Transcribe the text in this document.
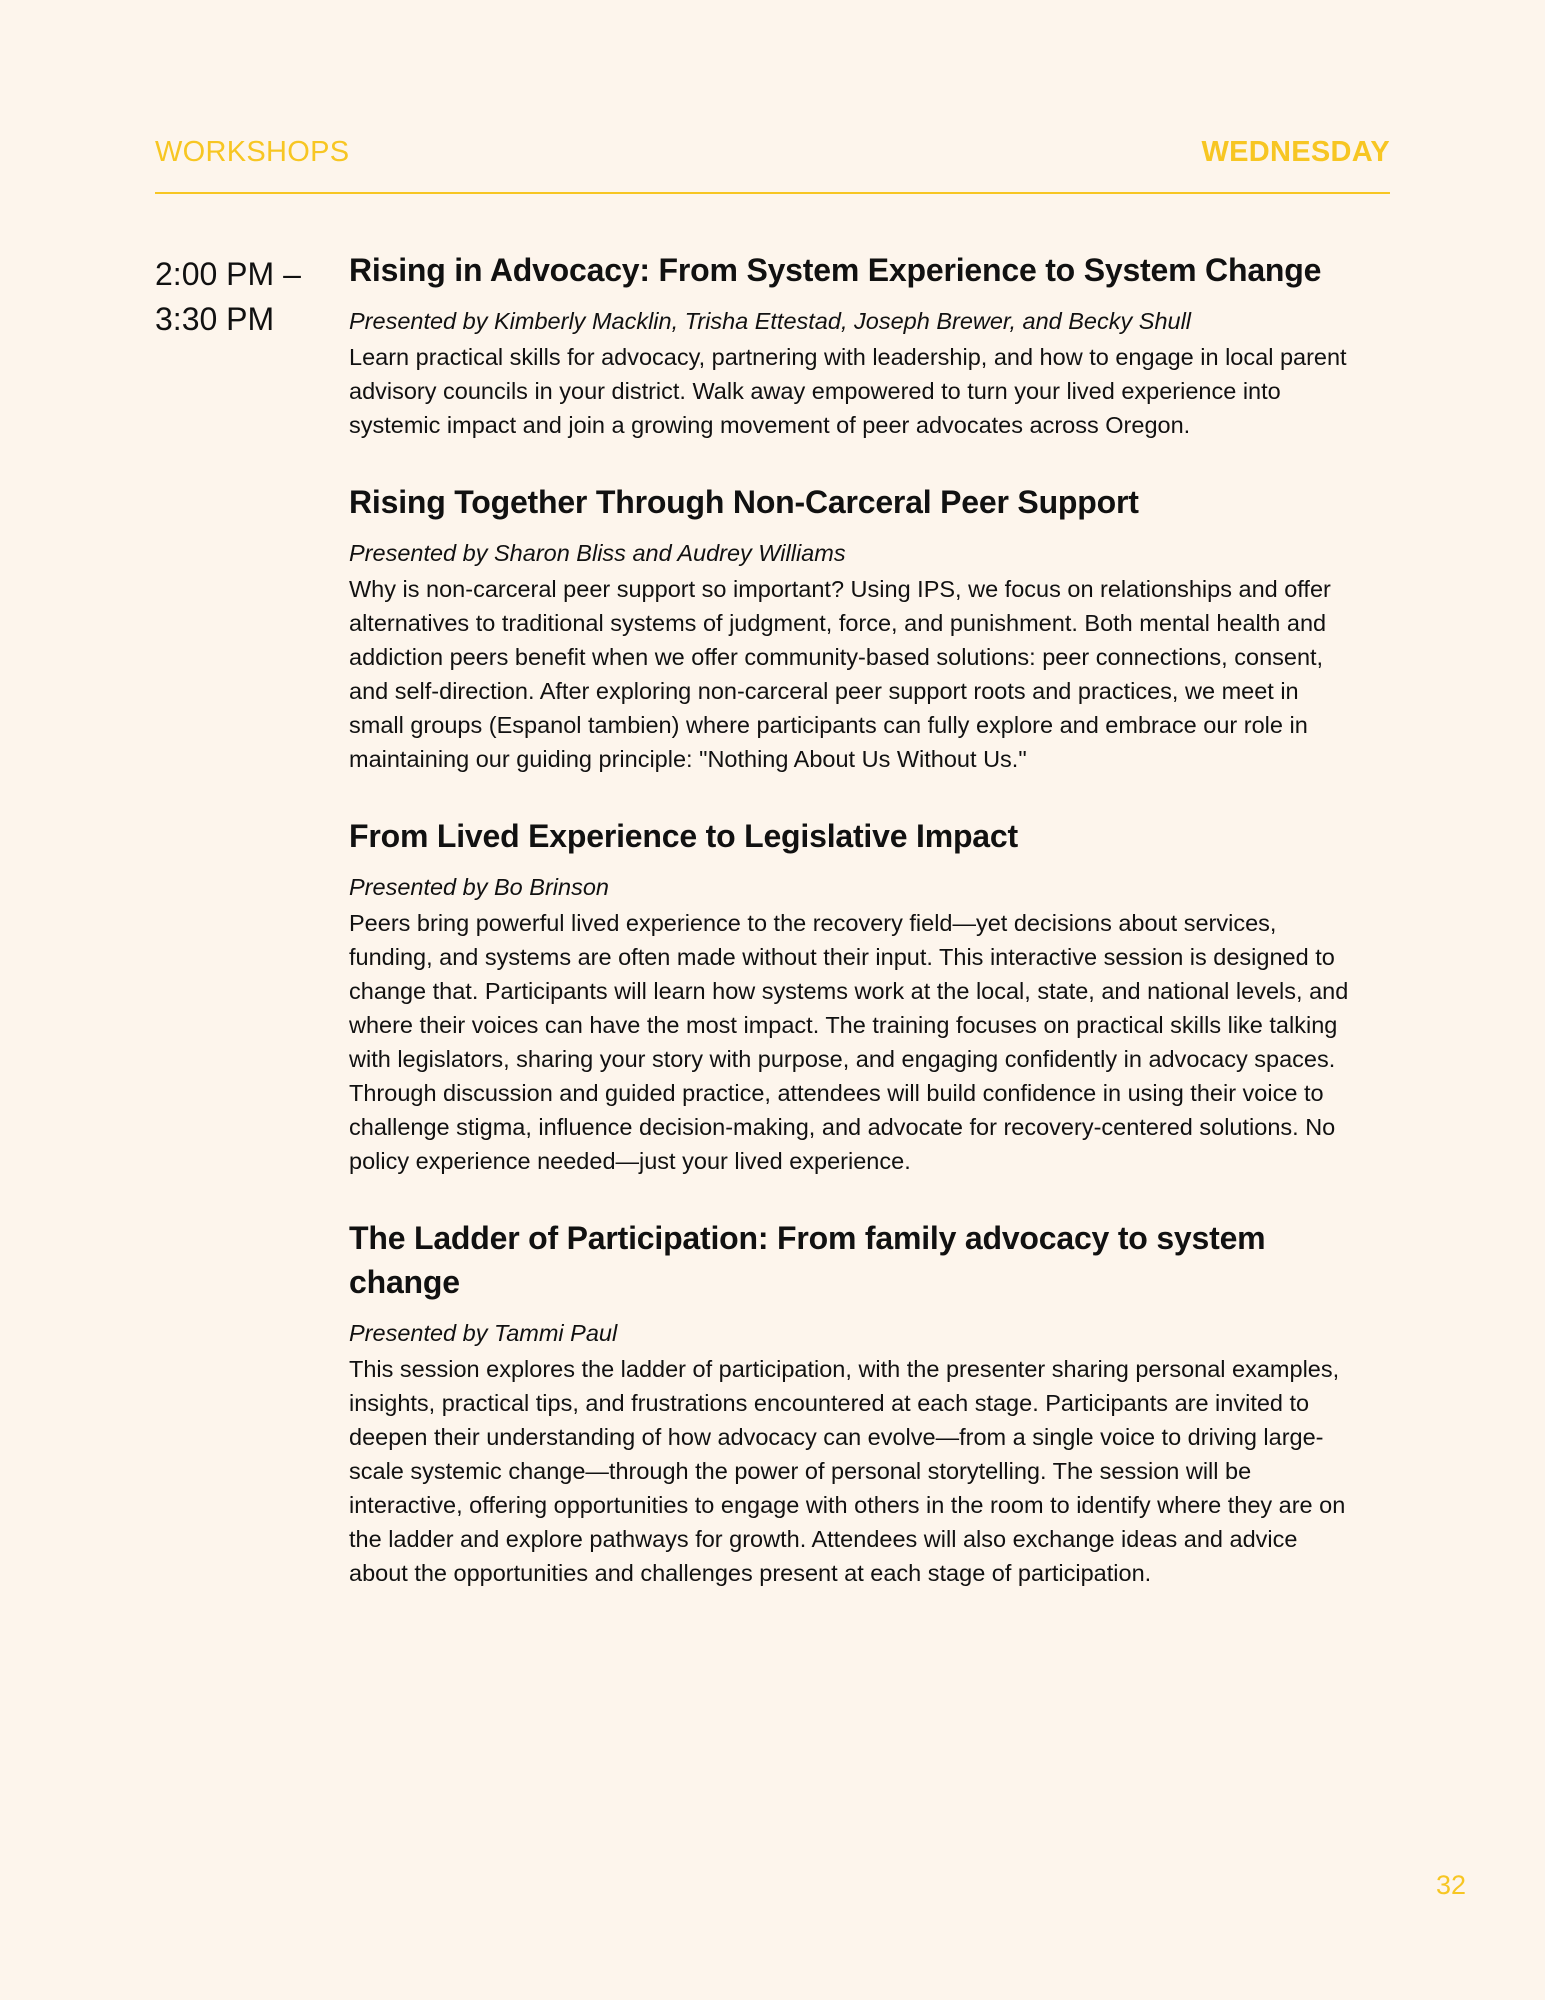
WORKSHOPS	WEDNESDAY
2:00 PM –
3:30 PM
Rising in Advocacy: From System Experience to System Change
Presented by Kimberly Macklin, Trisha Ettestad, Joseph Brewer, and Becky Shull

Learn practical skills for advocacy, partnering with leadership, and how to engage in local parent advisory councils in your district. Walk away empowered to turn your lived experience into systemic impact and join a growing movement of peer advocates across Oregon.

Rising Together Through Non-Carceral Peer Support
Presented by Sharon Bliss and Audrey Williams

Why is non-carceral peer support so important? Using IPS, we focus on relationships and offer alternatives to traditional systems of judgment, force, and punishment. Both mental health and addiction peers benefit when we offer community-based solutions: peer connections, consent, and self-direction. After exploring non-carceral peer support roots and practices, we meet in small groups (Espanol tambien) where participants can fully explore and embrace our role in maintaining our guiding principle: "Nothing About Us Without Us."

From Lived Experience to Legislative Impact
Presented by Bo Brinson

Peers bring powerful lived experience to the recovery field—yet decisions about services, funding, and systems are often made without their input. This interactive session is designed to change that. Participants will learn how systems work at the local, state, and national levels, and where their voices can have the most impact. The training focuses on practical skills like talking with legislators, sharing your story with purpose, and engaging confidently in advocacy spaces. Through discussion and guided practice, attendees will build confidence in using their voice to challenge stigma, influence decision-making, and advocate for recovery-centered solutions. No policy experience needed—just your lived experience.

The Ladder of Participation: From family advocacy to system change
Presented by Tammi Paul

This session explores the ladder of participation, with the presenter sharing personal examples, insights, practical tips, and frustrations encountered at each stage. Participants are invited to deepen their understanding of how advocacy can evolve—from a single voice to driving large-scale systemic change—through the power of personal storytelling. The session will be interactive, offering opportunities to engage with others in the room to identify where they are on the ladder and explore pathways for growth. Attendees will also exchange ideas and advice about the opportunities and challenges present at each stage of participation.

32
